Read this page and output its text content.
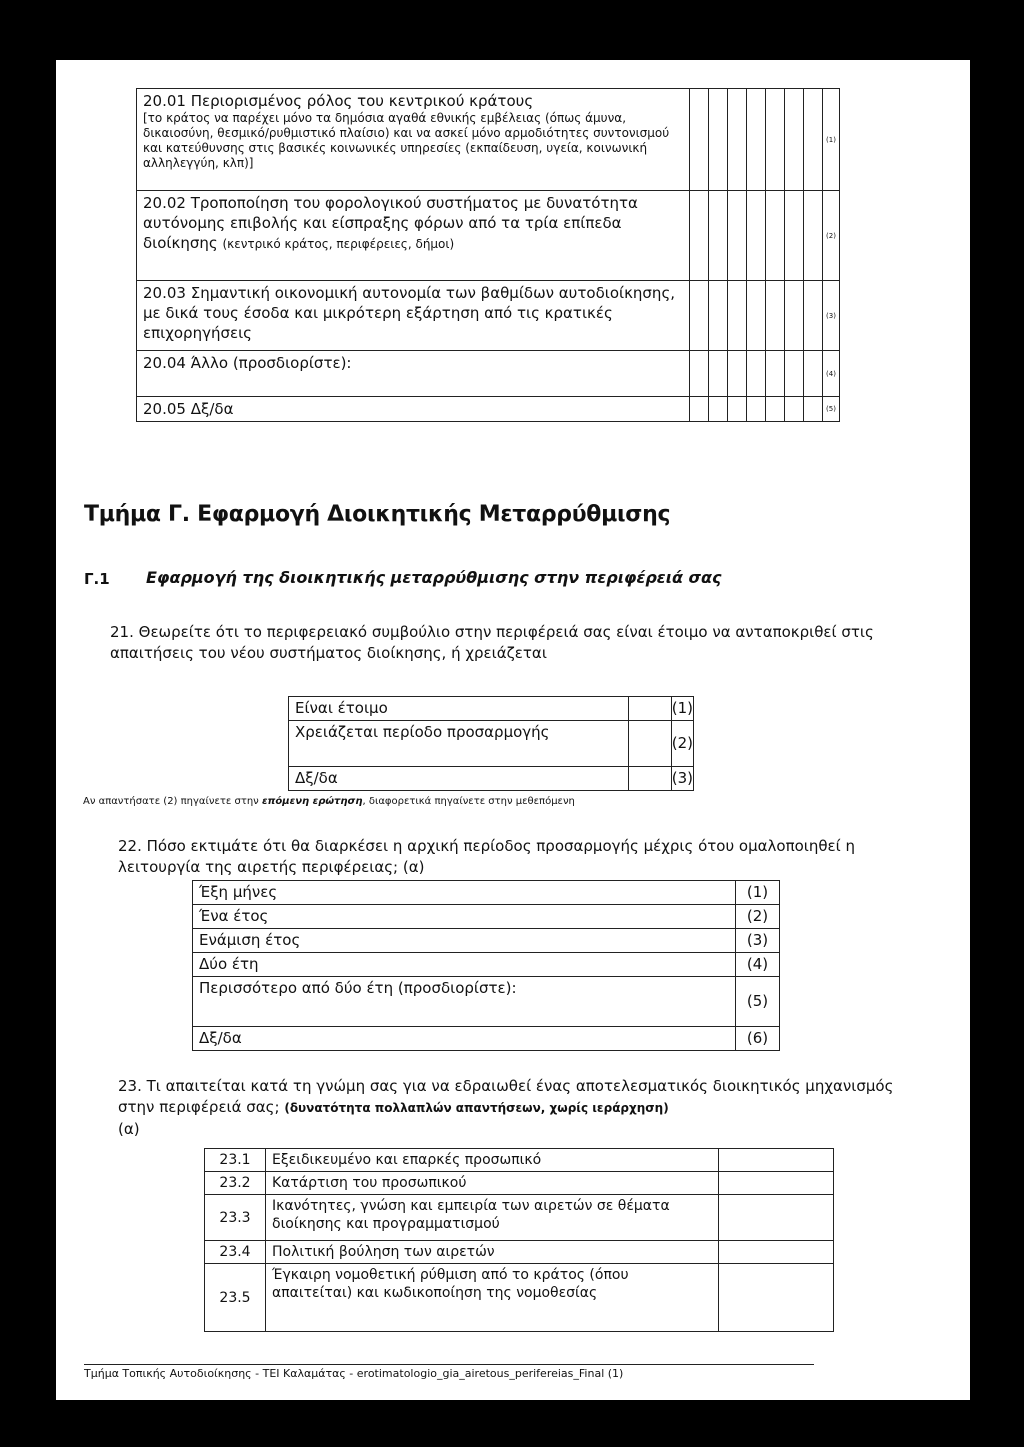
20.01 Περιορισμένος ρόλος του κεντρικού κράτους
[το κράτος να παρέχει μόνο τα δημόσια αγαθά εθνικής εμβέλειας (όπως άμυνα, δικαιοσύνη, θεσμικό/ρυθμιστικό πλαίσιο) και να ασκεί μόνο αρμοδιότητες συντονισμού και κατεύθυνσης στις βασικές κοινωνικές υπηρεσίες (εκπαίδευση, υγεία, κοινωνική αλληλεγγύη, κλπ)]								(1)
20.02 Τροποποίηση του φορολογικού συστήματος με δυνατότητα αυτόνομης επιβολής και είσπραξης φόρων από τα τρία επίπεδα διοίκησης (κεντρικό κράτος, περιφέρειες, δήμοι)								(2)
20.03 Σημαντική οικονομική αυτονομία των βαθμίδων αυτοδιοίκησης, με δικά τους έσοδα και μικρότερη εξάρτηση από τις κρατικές επιχορηγήσεις								(3)
20.04 Άλλο (προσδιορίστε):								(4)
20.05 Δξ/δα								(5)
Τμήμα Γ. Εφαρμογή Διοικητικής Μεταρρύθμισης
Γ.1 Εφαρμογή της διοικητικής μεταρρύθμισης στην περιφέρειά σας
21. Θεωρείτε ότι το περιφερειακό συμβούλιο στην περιφέρειά σας είναι έτοιμο να ανταποκριθεί στις απαιτήσεις του νέου συστήματος διοίκησης, ή χρειάζεται
Είναι έτοιμο		(1)
Χρειάζεται περίοδο προσαρμογής		(2)
Δξ/δα		(3)
Αν απαντήσατε (2) πηγαίνετε στην επόμενη ερώτηση, διαφορετικά πηγαίνετε στην μεθεπόμενη
22. Πόσο εκτιμάτε ότι θα διαρκέσει η αρχική περίοδος προσαρμογής μέχρις ότου ομαλοποιηθεί η λειτουργία της αιρετής περιφέρειας; (α)
Έξη μήνες	(1)
Ένα έτος	(2)
Ενάμιση έτος	(3)
Δύο έτη	(4)
Περισσότερο από δύο έτη (προσδιορίστε):	(5)
Δξ/δα	(6)
23. Τι απαιτείται κατά τη γνώμη σας για να εδραιωθεί ένας αποτελεσματικός διοικητικός μηχανισμός στην περιφέρειά σας; (δυνατότητα πολλαπλών απαντήσεων, χωρίς ιεράρχηση)
(α)
23.1	Εξειδικευμένο και επαρκές προσωπικό	
23.2	Κατάρτιση του προσωπικού	
23.3	Ικανότητες, γνώση και εμπειρία των αιρετών σε θέματα διοίκησης και προγραμματισμού	
23.4	Πολιτική βούληση των αιρετών	
23.5	Έγκαιρη νομοθετική ρύθμιση από το κράτος (όπου απαιτείται) και κωδικοποίηση της νομοθεσίας	
Τμήμα Τοπικής Αυτοδιοίκησης - ΤΕΙ Καλαμάτας - erotimatologio_gia_airetous_perifereias_Final (1)
